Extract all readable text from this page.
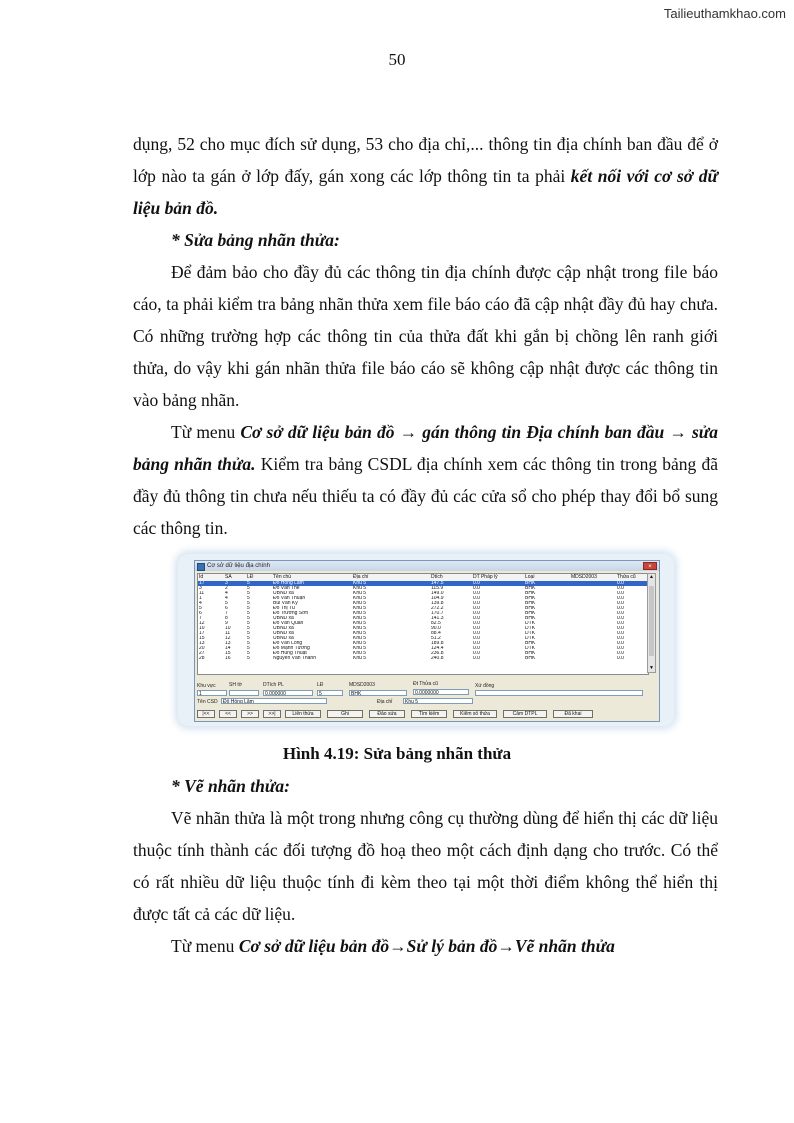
Tailieuthamkhao.com
50

dụng, 52 cho mục đích sử dụng, 53 cho địa chỉ,... thông tin địa chính ban đầu để ở lớp nào ta gán ở lớp đấy, gán xong các lớp thông tin ta phải kết nối với cơ sở dữ liệu bản đồ.

* Sửa bảng nhãn thửa:

Để đảm bảo cho đầy đủ các thông tin địa chính được cập nhật trong file báo cáo, ta phải kiểm tra bảng nhãn thửa xem file báo cáo đã cập nhật đầy đủ hay chưa. Có những trường hợp các thông tin của thửa đất khi gắn bị chồng lên ranh giới thửa, do vậy khi gán nhãn thửa file báo cáo sẽ không cập nhật được các thông tin vào bảng nhãn.

Từ menu Cơ sở dữ liệu bản đồ → gán thông tin Địa chính ban đầu → sửa bảng nhãn thửa. Kiểm tra bảng CSDL địa chính xem các thông tin trong bảng đã đầy đủ thông tin chưa nếu thiếu ta có đầy đủ các cửa sổ cho phép thay đổi bổ sung các thông tin.

Cơ sở dữ liệu địa chính	×
Id	SA	LĐ	Tên chủ	Địa chỉ	Dtích	DT Pháp lý	Loại	MDSD2003	Thửa cũ
17	3	5	Đỗ Hồng Lâm	Khu 5	147.5	0.0	BHK		0.0
3	2	5	Đỗ Văn Thế	Khu 5	115.9	0.0	BHK		0.0
11	4	5	UBND xã	Khu 5	149.0	0.0	BHK		0.0
1	4	5	Đỗ Văn Thuận	Khu 5	104.9	0.0	BHK		0.0
4	5	5	Bùi Văn Kỳ	Khu 5	139.8	0.0	BHK		0.0
5	6	5	Đỗ Thị Tú	Khu 5	272.2	0.0	BHK		0.0
6	7	5	Đỗ Trường Sơn	Khu 5	170.7	0.0	BHK		0.0
7	8	5	UBND xã	Khu 5	141.3	0.0	BHK		0.0
12	9	5	Đỗ Văn Quân	Khu 5	82.5	0.0	DTK		0.0
10	10	5	UBND xã	Khu 5	90.0	0.0	DTK		0.0
17	11	5	UBND xã	Khu 5	88.4	0.0	DTK		0.0
15	12	5	UBND xã	Khu 5	51.2	0.0	DTK		0.0
13	13	5	Đỗ Văn Long	Khu 5	189.8	0.0	BHK		0.0
20	14	5	Đỗ Mạnh Tường	Khu 5	124.4	0.0	DTK		0.0
27	15	5	Đỗ Hùng Thuật	Khu 5	236.8	0.0	BHK		0.0
28	16	5	Nguyễn Văn Thanh	Khu 5	240.8	0.0	BHK		0.0
▲
▼
Khu vực
1
SH tờ	DTích PL
0.000000
LĐ
5
MDSD2003
BHK
Đt Thửa cũ
0.0000000
Xứ đồng
Tên CSD	Đỗ Hồng Lâm	Địa chỉ	Khu 5
|<<	<<	>>	>>|	Liên thửa	Ghi	Đảo sửa	Tìm kiếm	Kiểm số thửa	Cảm DTPL	Đã khai
Hình 4.19: Sửa bảng nhãn thửa

* Vẽ nhãn thửa:

Vẽ nhãn thửa là một trong nhưng công cụ thường dùng để hiển thị các dữ liệu thuộc tính thành các đối tượng đồ hoạ theo một cách định dạng cho trước. Có thể có rất nhiều dữ liệu thuộc tính đi kèm theo tại một thời điểm không thể hiển thị được tất cả các dữ liệu.

Từ menu Cơ sở dữ liệu bản đồ→Sử lý bản đồ→Vẽ nhãn thửa
